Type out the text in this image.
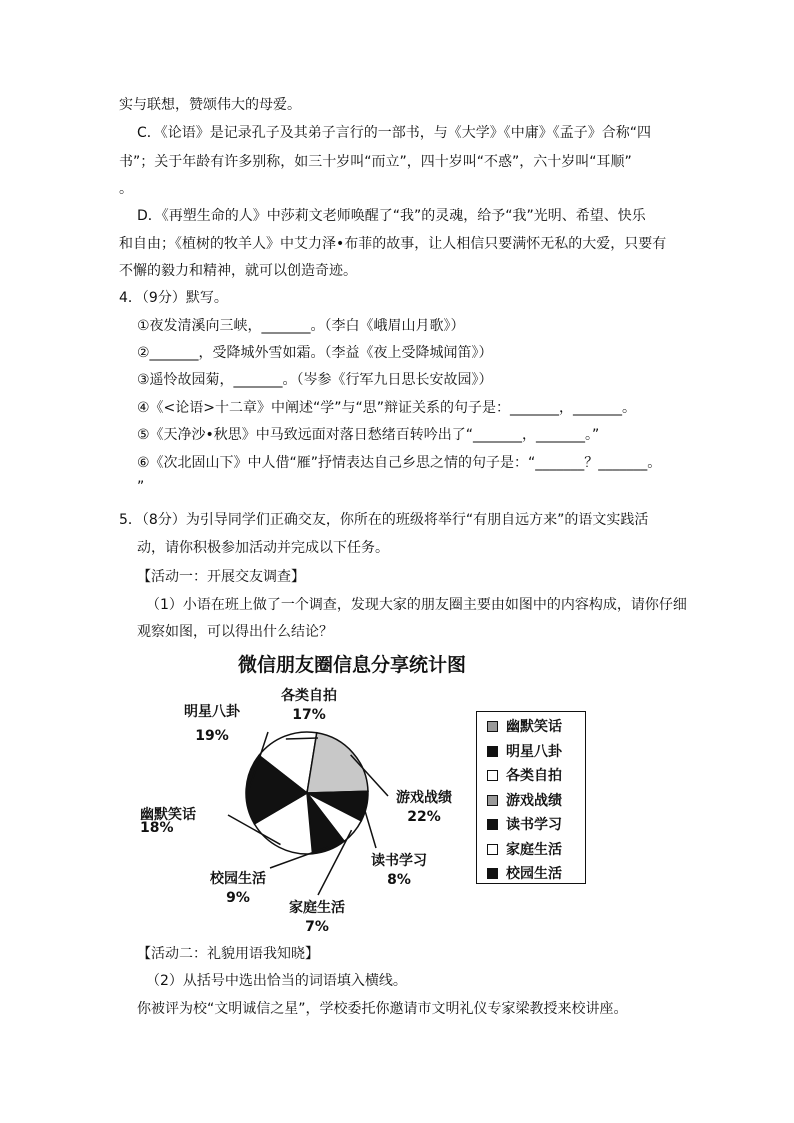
实与联想，赞颂伟大的母爱。
C．《论语》是记录孔子及其弟子言行的一部书，与《大学》《中庸》《孟子》合称“四
书”；关于年龄有许多别称，如三十岁叫“而立”，四十岁叫“不惑”，六十岁叫“耳顺”
。
D．《再塑生命的人》中莎莉文老师唤醒了“我”的灵魂，给予“我”光明、希望、快乐
和自由；《植树的牧羊人》中艾力泽•布菲的故事，让人相信只要满怀无私的大爱，只要有
不懈的毅力和精神，就可以创造奇迹。
4．（9分）默写。
①夜发清溪向三峡，_______。（李白《峨眉山月歌》）
②_______，受降城外雪如霜。（李益《夜上受降城闻笛》）
③遥怜故园菊，_______。（岑参《行军九日思长安故园》）
④《<论语>十二章》中阐述“学”与“思”辩证关系的句子是：_______，_______。
⑤《天净沙•秋思》中马致远面对落日愁绪百转吟出了“_______，_______。”
⑥《次北固山下》中人借“雁”抒情表达自己乡思之情的句子是：“_______？_______。
”
5．（8分）为引导同学们正确交友，你所在的班级将举行“有朋自远方来”的语文实践活
动，请你积极参加活动并完成以下任务。
【活动一：开展交友调查】
（1）小语在班上做了一个调查，发现大家的朋友圈主要由如图中的内容构成，请你仔细
观察如图，可以得出什么结论？
微信朋友圈信息分享统计图
各类自拍
17%
游戏战绩
22%
读书学习
8%
家庭生活
7%
校园生活
9%
幽默笑话
18%
明星八卦
19%
幽默笑话
明星八卦
各类自拍
游戏战绩
读书学习
家庭生活
校园生活
【活动二：礼貌用语我知晓】
（2）从括号中选出恰当的词语填入横线。
你被评为校“文明诚信之星”，学校委托你邀请市文明礼仪专家梁教授来校讲座。
